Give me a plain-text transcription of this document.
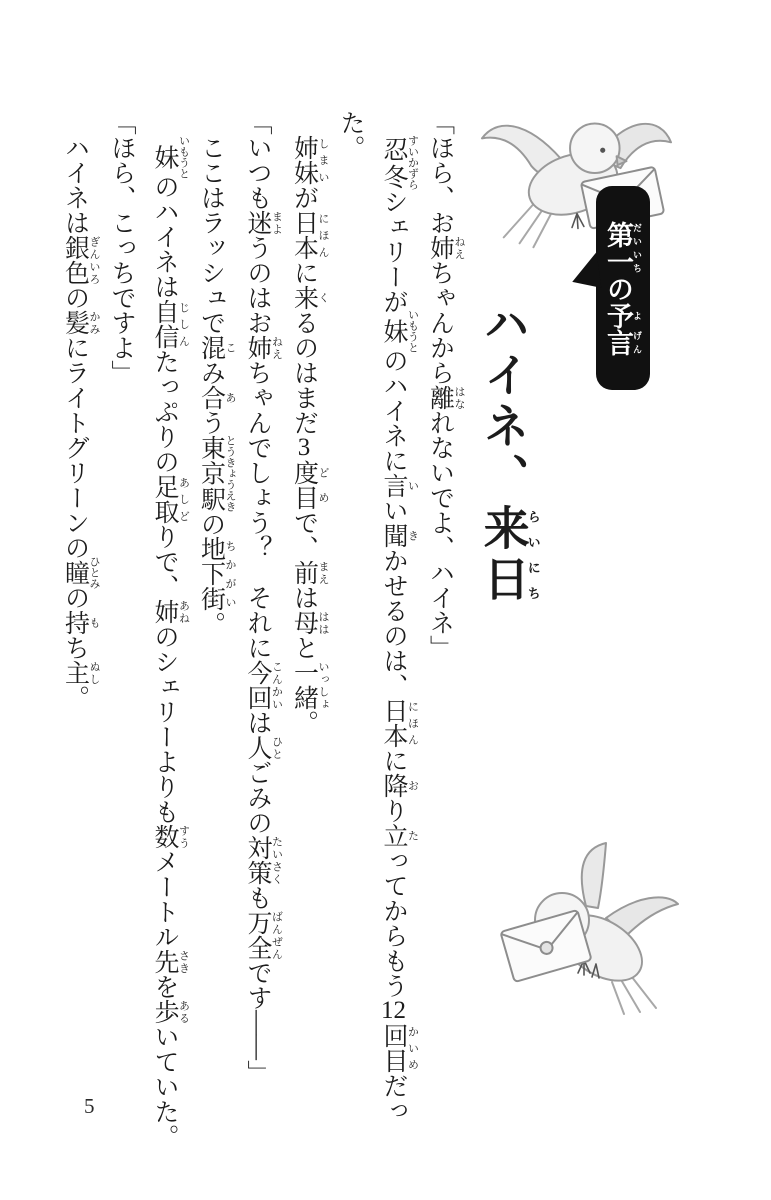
第 だい一 いちの予 よ言 げん
ハイネ、来らい日にち

「ほら、お姉 ねえちゃんから離 はなれないでよ、ハイネ」

忍冬 すいかずらシェリーが妹 いもうとのハイネに言 いい聞 きかせるのは、日本 にほんに降 おり立 たってからもう12回目 かいめだっ

た。

姉妹 しまいが日本 にほんに来 くるのはまだ3度目 どめで、前 まえは母 ははと一緒 いっしょ。

「いつも迷 まようのはお姉 ねえちゃんでしょう？　それに今回 こんかいは人 ひとごみの対策 たいさくも万全 ばんぜんです――」

ここはラッシュで混 こみ合 あう東京駅 とうきょうえきの地下街 ちかがい。

妹 いもうとのハイネは自信 じしんたっぷりの足取 あしどりで、姉 あねのシェリーよりも数 すうメートル先 さきを歩 あるいていた。

「ほら、こっちですよ」

ハイネは銀色 ぎんいろの髪 かみにライトグリーンの瞳 ひとみの持 もち主 ぬし。

5
